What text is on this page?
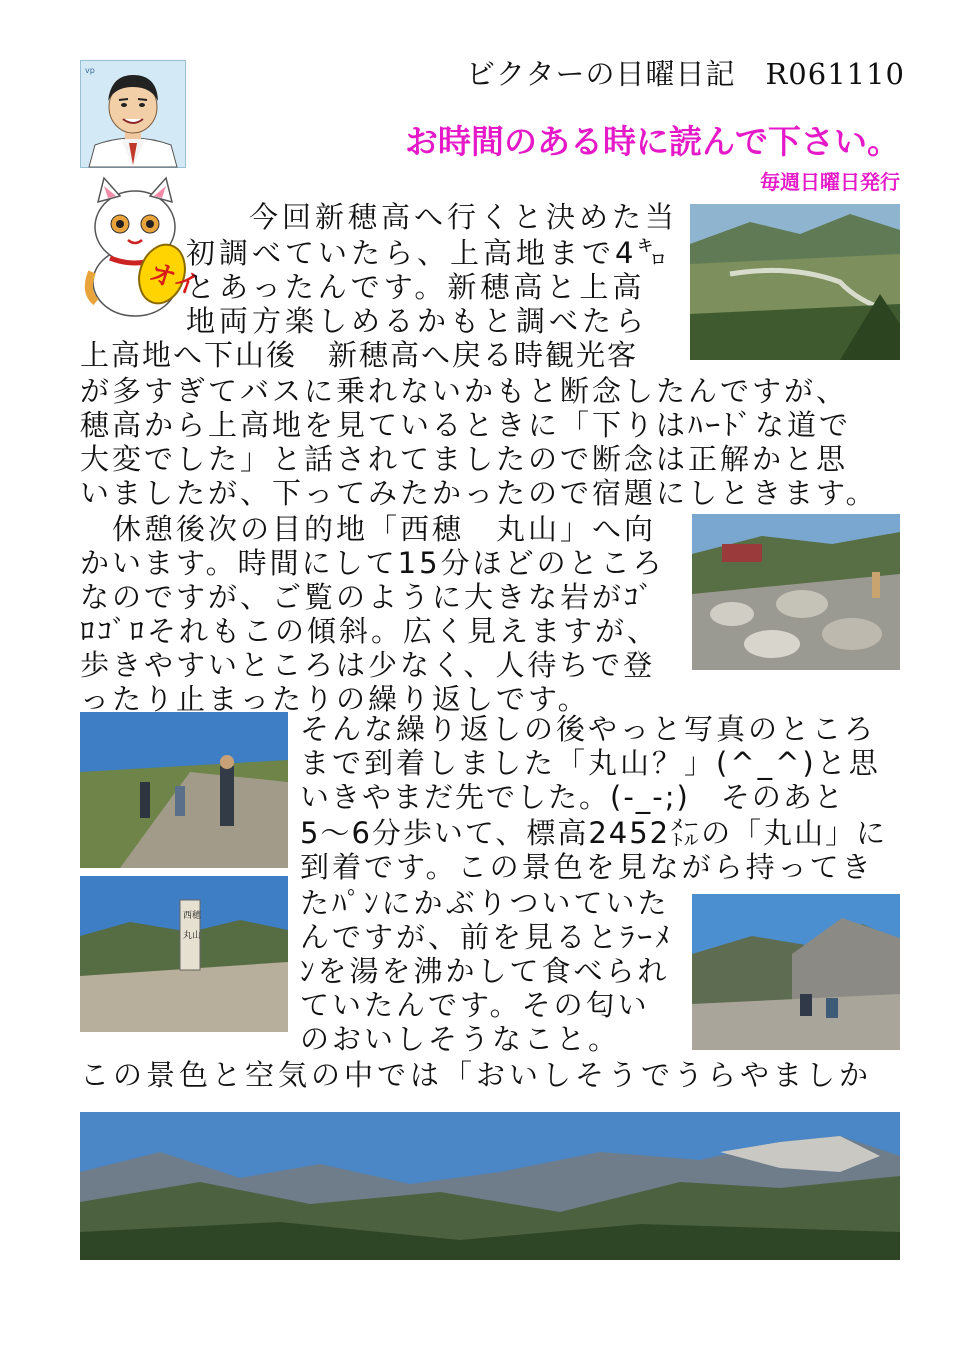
ビクターの日曜日記　R061110
お時間のある時に読んで下さい。
毎週日曜日発行
vp
オイ
西穂
丸山
　今回新穂高へ行くと決めた当
初調べていたら、上高地まで4㌔
とあったんです。新穂高と上高
地両方楽しめるかもと調べたら
上高地へ下山後　新穂高へ戻る時観光客
が多すぎてバスに乗れないかもと断念したんですが、
穂高から上高地を見ているときに「下りはﾊｰﾄﾞな道で
大変でした」と話されてましたので断念は正解かと思
いましたが、下ってみたかったので宿題にしときます。
　休憩後次の目的地「西穂　丸山」へ向
かいます。時間にして15分ほどのところ
なのですが、ご覧のように大きな岩がｺﾞ
ﾛｺﾞﾛそれもこの傾斜。広く見えますが、
歩きやすいところは少なく、人待ちで登
ったり止まったりの繰り返しです。
そんな繰り返しの後やっと写真のところ
まで到着しました「丸山？」(^_^)と思
いきやまだ先でした。(-_-;)　そのあと
5～6分歩いて、標高2452㍍の「丸山」に
到着です。この景色を見ながら持ってき
たﾊﾟﾝにかぶりついていた
んですが、前を見るとﾗｰﾒ
ﾝを湯を沸かして食べられ
ていたんです。その匂い
のおいしそうなこと。
この景色と空気の中では「おいしそうでうらやましか
